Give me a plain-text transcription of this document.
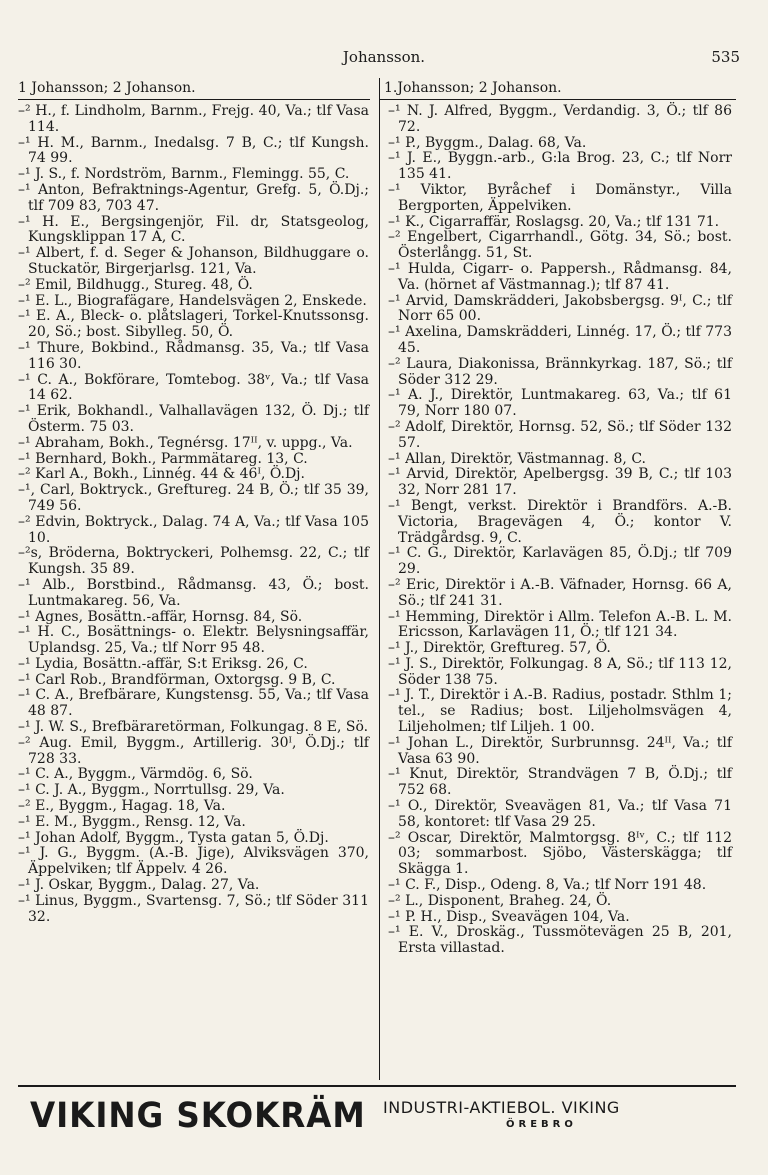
Johansson.	535
1 Johansson; 2 Johanson.	1.Johansson; 2 Johanson.

–² H., f. Lindholm, Barnm., Frejg. 40, Va.; tlf Vasa 114.

–¹ H. M., Barnm., Inedalsg. 7 B, C.; tlf Kungsh. 74 99.

–¹ J. S., f. Nordström, Barnm., Flemingg. 55, C.

–¹ Anton, Befraktnings-Agentur, Grefg. 5, Ö.Dj.; tlf 709 83, 703 47.

–¹ H. E., Bergsingenjör, Fil. dr, Statsgeolog, Kungsklippan 17 A, C.

–¹ Albert, f. d. Seger & Johanson, Bildhuggare o. Stuckatör, Birgerjarlsg. 121, Va.

–² Emil, Bildhugg., Stureg. 48, Ö.

–¹ E. L., Biografägare, Handelsvägen 2, Enskede.

–¹ E. A., Bleck- o. plåtslageri, Torkel-Knutssonsg. 20, Sö.; bost. Sibylleg. 50, Ö.

–¹ Thure, Bokbind., Rådmansg. 35, Va.; tlf Vasa 116 30.

–¹ C. A., Bokförare, Tomtebog. 38ᵛ, Va.; tlf Vasa 14 62.

–¹ Erik, Bokhandl., Valhallavägen 132, Ö. Dj.; tlf Österm. 75 03.

–¹ Abraham, Bokh., Tegnérsg. 17ᴵᴵ, v. uppg., Va.

–¹ Bernhard, Bokh., Parmmätareg. 13, C.

–² Karl A., Bokh., Linnég. 44 & 46ᴵ, Ö.Dj.

–¹, Carl, Boktryck., Greftureg. 24 B, Ö.; tlf 35 39, 749 56.

–² Edvin, Boktryck., Dalag. 74 A, Va.; tlf Vasa 105 10.

–²s, Bröderna, Boktryckeri, Polhemsg. 22, C.; tlf Kungsh. 35 89.

–¹ Alb., Borstbind., Rådmansg. 43, Ö.; bost. Luntmakareg. 56, Va.

–¹ Agnes, Bosättn.-affär, Hornsg. 84, Sö.

–¹ H. C., Bosättnings- o. Elektr. Belysningsaffär, Uplandsg. 25, Va.; tlf Norr 95 48.

–¹ Lydia, Bosättn.-affär, S:t Eriksg. 26, C.

–¹ Carl Rob., Brandförman, Oxtorgsg. 9 B, C.

–¹ C. A., Brefbärare, Kungstensg. 55, Va.; tlf Vasa 48 87.

–¹ J. W. S., Brefbäraretörman, Folkungag. 8 E, Sö.

–² Aug. Emil, Byggm., Artillerig. 30ᴵ, Ö.Dj.; tlf 728 33.

–¹ C. A., Byggm., Värmdög. 6, Sö.

–¹ C. J. A., Byggm., Norrtullsg. 29, Va.

–² E., Byggm., Hagag. 18, Va.

–¹ E. M., Byggm., Rensg. 12, Va.

–¹ Johan Adolf, Byggm., Tysta gatan 5, Ö.Dj.

–¹ J. G., Byggm. (A.-B. Jige), Alviksvägen 370, Äppelviken; tlf Äppelv. 4 26.

–¹ J. Oskar, Byggm., Dalag. 27, Va.

–¹ Linus, Byggm., Svartensg. 7, Sö.; tlf Söder 311 32.

–¹ N. J. Alfred, Byggm., Verdandig. 3, Ö.; tlf 86 72.

–¹ P., Byggm., Dalag. 68, Va.

–¹ J. E., Byggn.-arb., G:la Brog. 23, C.; tlf Norr 135 41.

–¹ Viktor, Byråchef i Domänstyr., Villa Bergporten, Äppelviken.

–¹ K., Cigarraffär, Roslagsg. 20, Va.; tlf 131 71.

–² Engelbert, Cigarrhandl., Götg. 34, Sö.; bost. Österlångg. 51, St.

–¹ Hulda, Cigarr- o. Pappersh., Rådmansg. 84, Va. (hörnet af Västmannag.); tlf 87 41.

–¹ Arvid, Damskrädderi, Jakobsbergsg. 9ᴵ, C.; tlf Norr 65 00.

–¹ Axelina, Damskrädderi, Linnég. 17, Ö.; tlf 773 45.

–² Laura, Diakonissa, Brännkyrkag. 187, Sö.; tlf Söder 312 29.

–¹ A. J., Direktör, Luntmakareg. 63, Va.; tlf 61 79, Norr 180 07.

–² Adolf, Direktör, Hornsg. 52, Sö.; tlf Söder 132 57.

–¹ Allan, Direktör, Västmannag. 8, C.

–¹ Arvid, Direktör, Apelbergsg. 39 B, C.; tlf 103 32, Norr 281 17.

–¹ Bengt, verkst. Direktör i Brandförs. A.-B. Victoria, Bragevägen 4, Ö.; kontor V. Trädgårdsg. 9, C.

–¹ C. G., Direktör, Karlavägen 85, Ö.Dj.; tlf 709 29.

–² Eric, Direktör i A.-B. Väfnader, Hornsg. 66 A, Sö.; tlf 241 31.

–¹ Hemming, Direktör i Allm. Telefon A.-B. L. M. Ericsson, Karlavägen 11, Ö.; tlf 121 34.

–¹ J., Direktör, Greftureg. 57, Ö.

–¹ J. S., Direktör, Folkungag. 8 A, Sö.; tlf 113 12, Söder 138 75.

–¹ J. T., Direktör i A.-B. Radius, postadr. Sthlm 1; tel., se Radius; bost. Liljeholmsvägen 4, Liljeholmen; tlf Liljeh. 1 00.

–¹ Johan L., Direktör, Surbrunnsg. 24ᴵᴵ, Va.; tlf Vasa 63 90.

–¹ Knut, Direktör, Strandvägen 7 B, Ö.Dj.; tlf 752 68.

–¹ O., Direktör, Sveavägen 81, Va.; tlf Vasa 71 58, kontoret: tlf Vasa 29 25.

–² Oscar, Direktör, Malmtorgsg. 8ᴵᵛ, C.; tlf 112 03; sommarbost. Sjöbo, Västerskägga; tlf Skägga 1.

–¹ C. F., Disp., Odeng. 8, Va.; tlf Norr 191 48.

–² L., Disponent, Braheg. 24, Ö.

–¹ P. H., Disp., Sveavägen 104, Va.

–¹ E. V., Droskäg., Tussmötevägen 25 B, 201, Ersta villastad.

VIKING SKOKRÄM INDUSTRI-AKTIEBOL. VIKING
ÖREBRO
